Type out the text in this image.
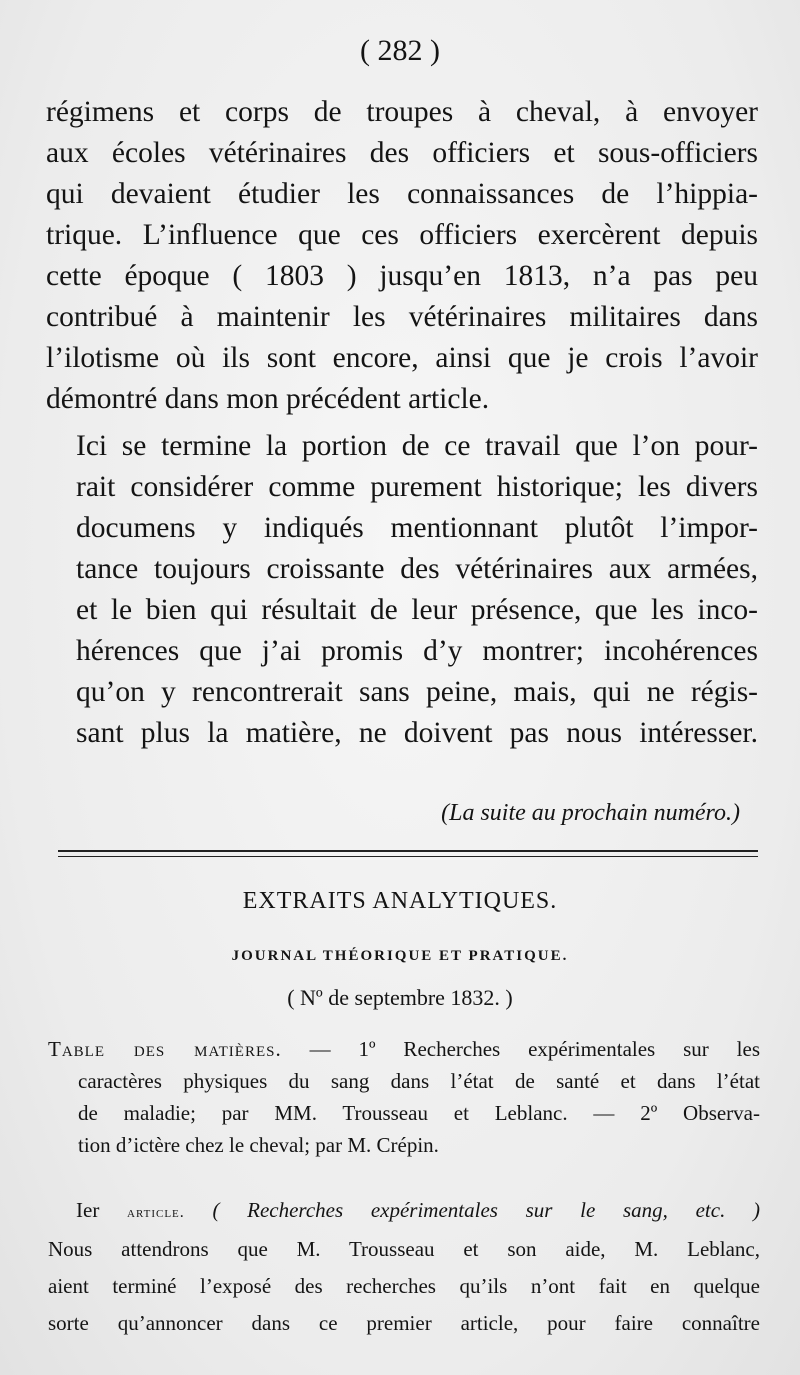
( 282 )

régimens et corps de troupes à cheval, à envoyer
aux écoles vétérinaires des officiers et sous-officiers
qui devaient étudier les connaissances de l’hippia-
trique. L’influence que ces officiers exercèrent depuis
cette époque ( 1803 ) jusqu’en 1813, n’a pas peu
contribué à maintenir les vétérinaires militaires dans
l’ilotisme où ils sont encore, ainsi que je crois l’avoir
démontré dans mon précédent article.

Ici se termine la portion de ce travail que l’on pour-
rait considérer comme purement historique; les divers
documens y indiqués mentionnant plutôt l’impor-
tance toujours croissante des vétérinaires aux armées,
et le bien qui résultait de leur présence, que les inco-
hérences que j’ai promis d’y montrer; incohérences
qu’on y rencontrerait sans peine, mais, qui ne régis-
sant plus la matière, ne doivent pas nous intéresser.

(La suite au prochain numéro.)
EXTRAITS ANALYTIQUES.
JOURNAL THÉORIQUE ET PRATIQUE.
( Nº de septembre 1832. )
Table des matières. — 1º Recherches expérimentales sur les
caractères physiques du sang dans l’état de santé et dans l’état
de maladie; par MM. Trousseau et Leblanc. — 2º Observa-
tion d’ictère chez le cheval; par M. Crépin.
Ier article. ( Recherches expérimentales sur le sang, etc. )
Nous attendrons que M. Trousseau et son aide, M. Leblanc,
aient terminé l’exposé des recherches qu’ils n’ont fait en quelque
sorte qu’annoncer dans ce premier article, pour faire connaître
